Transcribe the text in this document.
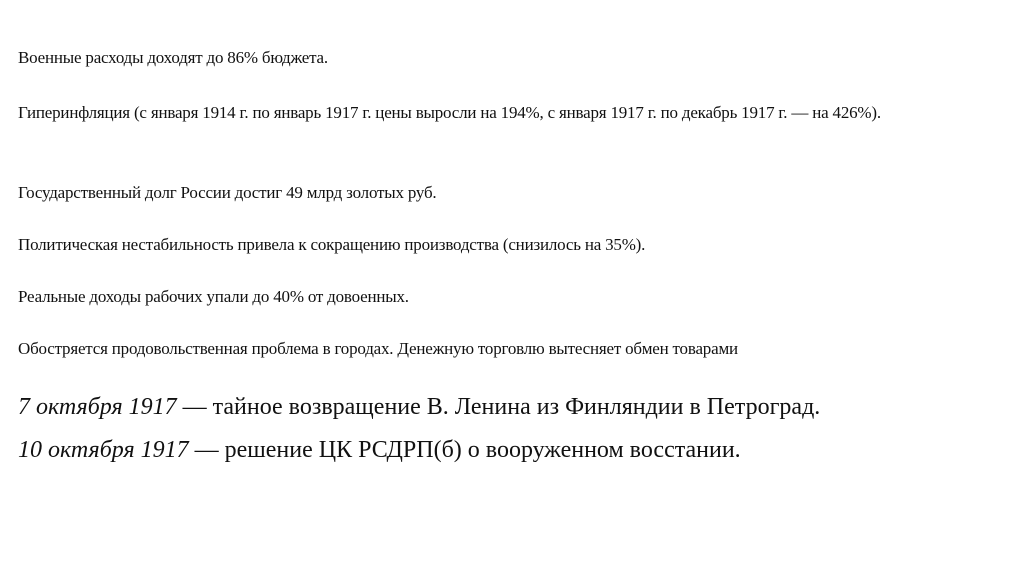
Военные расходы доходят до 86% бюджета.

Гиперинфляция (с января 1914 г. по январь 1917 г. цены выросли на 194%, с января 1917 г. по декабрь 1917 г. — на 426%).

Государственный долг России достиг 49 млрд золотых руб.

Политическая нестабильность привела к сокращению производства (снизилось на 35%).

Реальные доходы рабочих упали до 40% от довоенных.

Обостряется продовольственная проблема в городах. Денежную торговлю вытесняет обмен товарами

7 октября 1917 — тайное возвращение В. Ленина из Финляндии в Петроград.

10 октября 1917 — решение ЦК РСДРП(б) о вооруженном восстании.
